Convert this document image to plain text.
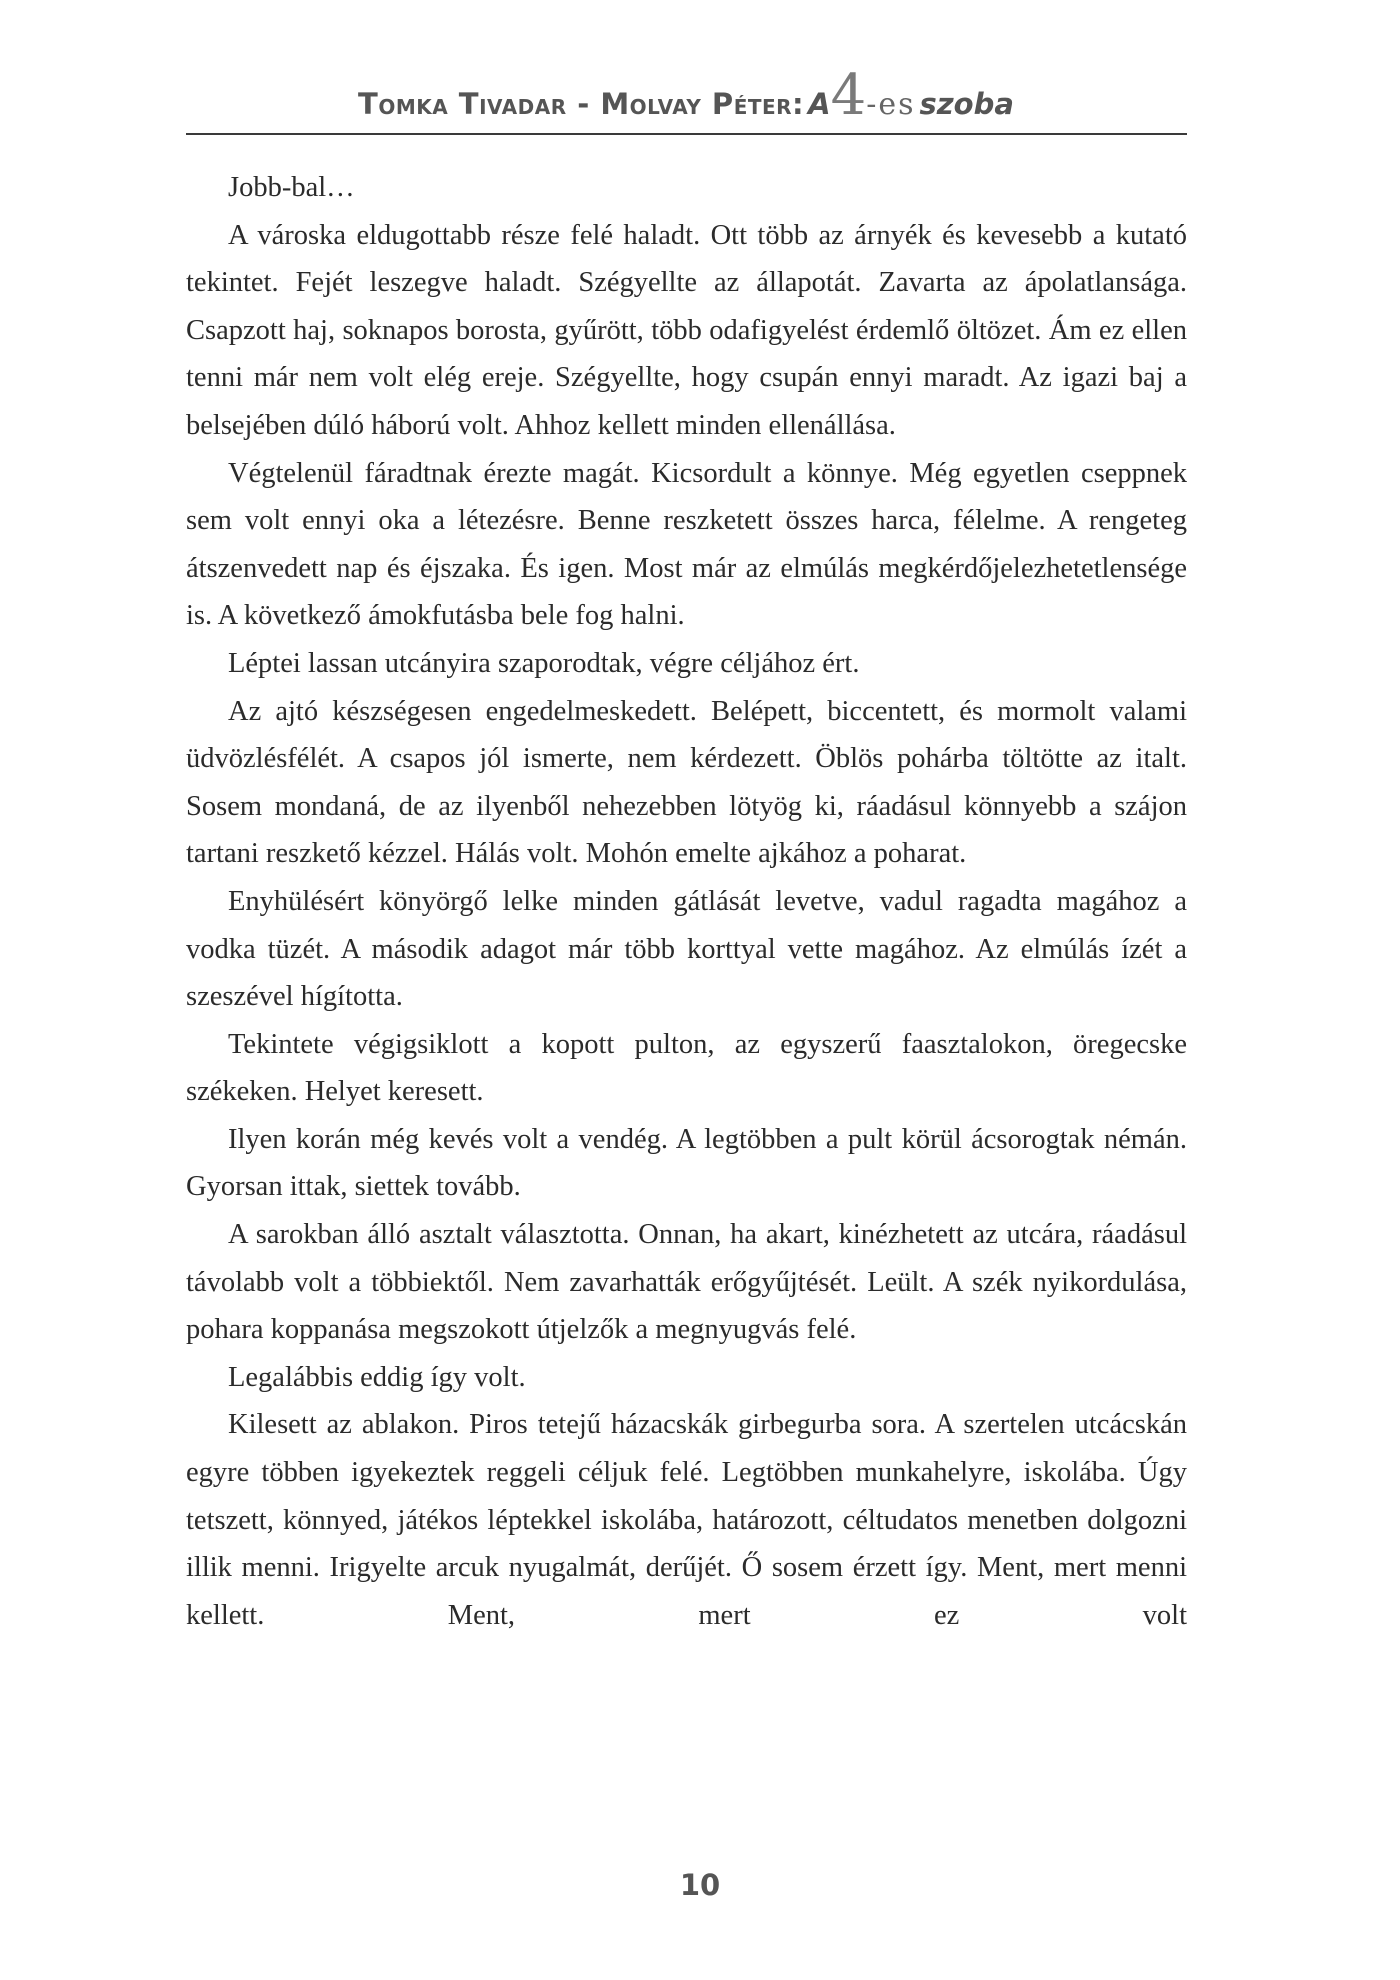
Tomka Tivadar - Molvay Péter: A4-es szoba

Jobb-bal…

A városka eldugottabb része felé haladt. Ott több az árnyék és kevesebb a kutató tekintet. Fejét leszegve haladt. Szégyellte az állapotát. Zavarta az ápolatlansága. Csapzott haj, soknapos borosta, gyűrött, több odafigyelést érdemlő öltözet. Ám ez ellen tenni már nem volt elég ereje. Szégyellte, hogy csupán ennyi maradt. Az igazi baj a belsejében dúló háború volt. Ahhoz kellett minden ellenállása.

Végtelenül fáradtnak érezte magát. Kicsordult a könnye. Még egyetlen cseppnek sem volt ennyi oka a létezésre. Benne reszketett összes harca, félelme. A rengeteg átszenvedett nap és éjszaka. És igen. Most már az elmúlás megkérdőjelezhetetlensége is. A következő ámokfutásba bele fog halni.

Léptei lassan utcányira szaporodtak, végre céljához ért.

Az ajtó készségesen engedelmeskedett. Belépett, biccentett, és mormolt valami üdvözlésfélét. A csapos jól ismerte, nem kérdezett. Öblös pohárba töltötte az italt. Sosem mondaná, de az ilyenből nehezebben lötyög ki, ráadásul könnyebb a szájon tartani reszkető kézzel. Hálás volt. Mohón emelte ajkához a poharat.

Enyhülésért könyörgő lelke minden gátlását levetve, vadul ragadta magához a vodka tüzét. A második adagot már több korttyal vette magához. Az elmúlás ízét a szeszével hígította.

Tekintete végigsiklott a kopott pulton, az egyszerű faasztalokon, öregecske székeken. Helyet keresett.

Ilyen korán még kevés volt a vendég. A legtöbben a pult körül ácsorogtak némán. Gyorsan ittak, siettek tovább.

A sarokban álló asztalt választotta. Onnan, ha akart, kinézhetett az utcára, ráadásul távolabb volt a többiektől. Nem zavarhatták erőgyűjtését. Leült. A szék nyikordulása, pohara koppanása megszokott útjelzők a megnyugvás felé.

Legalábbis eddig így volt.

Kilesett az ablakon. Piros tetejű házacskák girbegurba sora. A szertelen utcácskán egyre többen igyekeztek reggeli céljuk felé. Legtöbben munkahelyre, iskolába. Úgy tetszett, könnyed, játékos léptekkel iskolába, határozott, céltudatos menetben dolgozni illik menni. Irigyelte arcuk nyugalmát, derűjét. Ő sosem érzett így. Ment, mert menni kellett. Ment, mert ez volt

10
